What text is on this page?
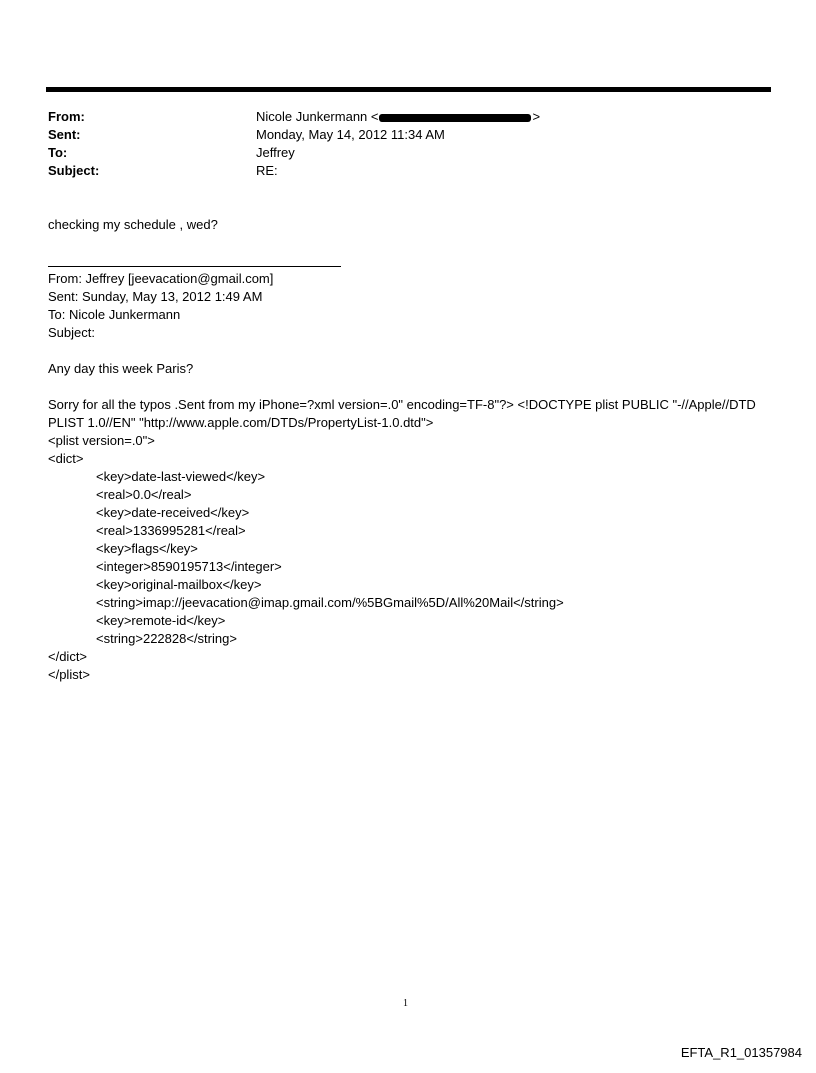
From:	Nicole Junkermann <	>
Sent:	Monday, May 14, 2012 11:34 AM
To:	Jeffrey
Subject:	RE:
checking my schedule , wed?
From: Jeffrey [jeevacation@gmail.com]
Sent: Sunday, May 13, 2012 1:49 AM
To: Nicole Junkermann
Subject:
Any day this week Paris?
Sorry for all the typos .Sent from my iPhone=?xml version=.0" encoding=TF-8"?> <!DOCTYPE plist PUBLIC "-//Apple//DTD PLIST 1.0//EN" "http://www.apple.com/DTDs/PropertyList-1.0.dtd">
<plist version=.0">
<dict>
<key>date-last-viewed</key>
<real>0.0</real>
<key>date-received</key>
<real>1336995281</real>
<key>flags</key>
<integer>8590195713</integer>
<key>original-mailbox</key>
<string>imap://jeevacation@imap.gmail.com/%5BGmail%5D/All%20Mail</string>
<key>remote-id</key>
<string>222828</string>
</dict>
</plist>
1
EFTA_R1_01357984
